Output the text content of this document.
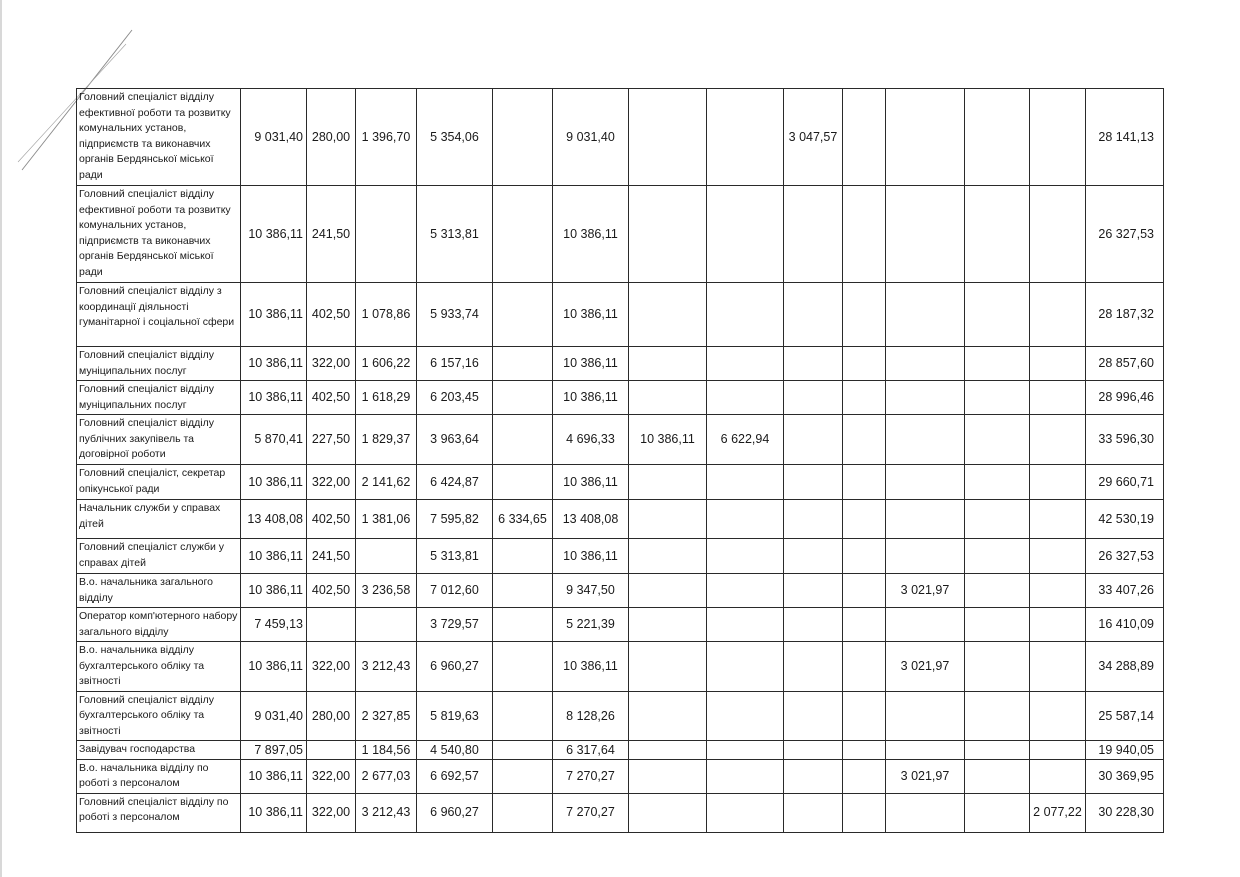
Головний спеціаліст відділу ефективної роботи та розвитку комунальних установ, підприємств та виконавчих органів Бердянської міської ради	9 031,40	280,00	1 396,70	5 354,06		9 031,40			3 047,57					28 141,13
Головний спеціаліст відділу ефективної роботи та розвитку комунальних установ, підприємств та виконавчих органів Бердянської міської ради	10 386,11	241,50		5 313,81		10 386,11								26 327,53
Головний спеціаліст відділу з координації діяльності гуманітарної і соціальної сфери	10 386,11	402,50	1 078,86	5 933,74		10 386,11								28 187,32
Головний спеціаліст відділу муніципальних послуг	10 386,11	322,00	1 606,22	6 157,16		10 386,11								28 857,60
Головний спеціаліст відділу муніципальних послуг	10 386,11	402,50	1 618,29	6 203,45		10 386,11								28 996,46
Головний спеціаліст відділу публічних закупівель та договірної роботи	5 870,41	227,50	1 829,37	3 963,64		4 696,33	10 386,11	6 622,94						33 596,30
Головний спеціаліст, секретар опікунської ради	10 386,11	322,00	2 141,62	6 424,87		10 386,11								29 660,71
Начальник служби у справах дітей	13 408,08	402,50	1 381,06	7 595,82	6 334,65	13 408,08								42 530,19
Головний спеціаліст служби у справах дітей	10 386,11	241,50		5 313,81		10 386,11								26 327,53
В.о. начальника загального відділу	10 386,11	402,50	3 236,58	7 012,60		9 347,50					3 021,97			33 407,26
Оператор комп'ютерного набору загального відділу	7 459,13			3 729,57		5 221,39								16 410,09
В.о. начальника відділу бухгалтерського обліку та звітності	10 386,11	322,00	3 212,43	6 960,27		10 386,11					3 021,97			34 288,89
Головний спеціаліст відділу бухгалтерського обліку та звітності	9 031,40	280,00	2 327,85	5 819,63		8 128,26								25 587,14
Завідувач господарства	7 897,05		1 184,56	4 540,80		6 317,64								19 940,05
В.о. начальника відділу по роботі з персоналом	10 386,11	322,00	2 677,03	6 692,57		7 270,27					3 021,97			30 369,95
Головний спеціаліст відділу по роботі з персоналом	10 386,11	322,00	3 212,43	6 960,27		7 270,27							2 077,22	30 228,30
